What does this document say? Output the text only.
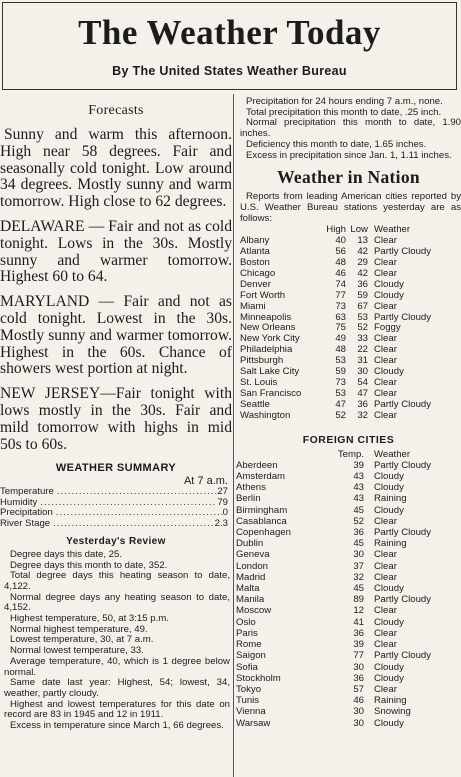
The Weather Today
By The United States Weather Bureau
Forecasts
Sunny and warm this afternoon. High near 58 degrees. Fair and seasonally cold tonight. Low around 34 degrees. Mostly sunny and warm tomorrow. High close to 62 degrees.
DELAWARE — Fair and not as cold tonight. Lows in the 30s. Mostly sunny and warmer tomorrow. Highest 60 to 64.
MARYLAND — Fair and not as cold tonight. Lowest in the 30s. Mostly sunny and warmer tomorrow. Highest in the 60s. Chance of showers west portion at night.
NEW JERSEY—Fair tonight with lows mostly in the 30s. Fair and mild tomorrow with highs in mid 50s to 60s.
WEATHER SUMMARY
At 7 a.m.
Temperature .....	27
Humidity .....	79
Precipitation .....	0
River Stage .....	2.3
Yesterday's Review
Degree days this date, 25.
Degree days this month to date, 352.
Total degree days this heating season to date, 4,122.
Normal degree days any heating season to date, 4,152.
Highest temperature, 50, at 3:15 p.m.
Normal highest temperature, 49.
Lowest temperature, 30, at 7 a.m.
Normal lowest temperature, 33.
Average temperature, 40, which is 1 degree below normal.
Same date last year: Highest, 54; lowest, 34, weather, partly cloudy.
Highest and lowest temperatures for this date on record are 83 in 1945 and 12 in 1911.
Excess in temperature since March 1, 66 degrees.
Precipitation for 24 hours ending 7 a.m., none.
Total precipitation this month to date, .25 inch.
Normal precipitation this month to date, 1.90 inches.
Deficiency this month to date, 1.65 inches.
Excess in precipitation since Jan. 1, 1.11 inches.
Weather in Nation
Reports from leading American cities reported by U.S. Weather Bureau stations yesterday are as follows:
	High	Low	Weather
Albany	40	13	Clear
Atlanta	56	42	Partly Cloudy
Boston	48	29	Clear
Chicago	46	42	Clear
Denver	74	36	Cloudy
Fort Worth	77	59	Cloudy
Miami	73	67	Clear
Minneapolis	63	53	Partly Cloudy
New Orleans	75	52	Foggy
New York City	49	33	Clear
Philadelphia	48	22	Clear
Pittsburgh	53	31	Clear
Salt Lake City	59	30	Cloudy
St. Louis	73	54	Clear
San Francisco	53	47	Clear
Seattle	47	36	Partly Cloudy
Washington	52	32	Clear
FOREIGN CITIES
	Temp.	Weather
Aberdeen	39	Partly Cloudy
Amsterdam	43	Cloudy
Athens	43	Cloudy
Berlin	43	Raining
Birmingham	45	Cloudy
Casablanca	52	Clear
Copenhagen	36	Partly Cloudy
Dublin	45	Raining
Geneva	30	Clear
London	37	Clear
Madrid	32	Clear
Malta	45	Cloudy
Manila	89	Partly Cloudy
Moscow	12	Clear
Oslo	41	Cloudy
Paris	36	Clear
Rome	39	Clear
Saigon	77	Partly Cloudy
Sofia	30	Cloudy
Stockholm	36	Cloudy
Tokyo	57	Clear
Tunis	46	Raining
Vienna	30	Snowing
Warsaw	30	Cloudy
